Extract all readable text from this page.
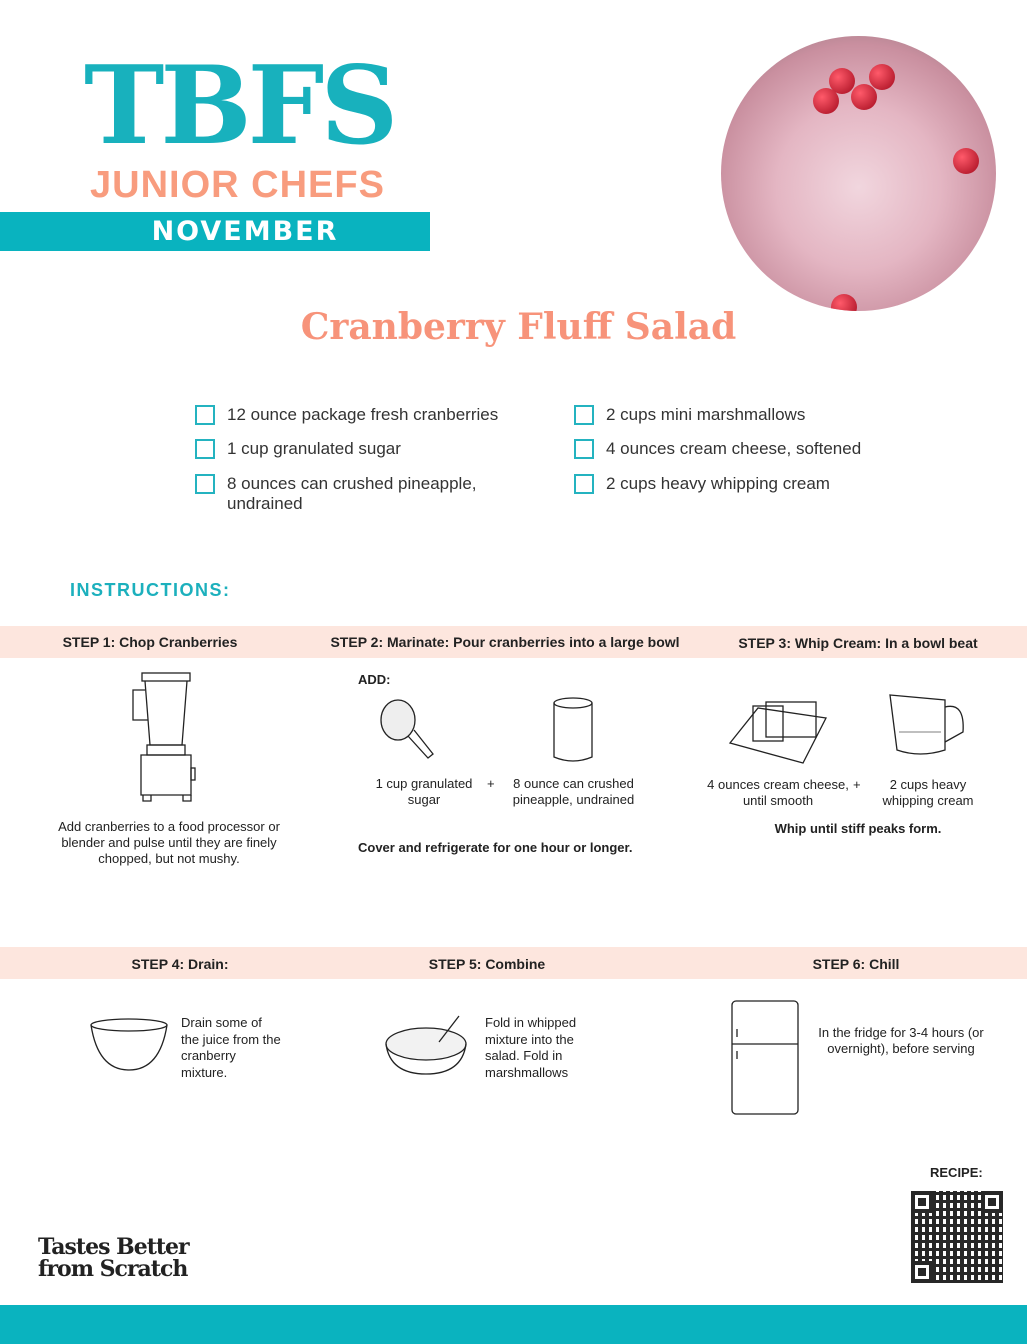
TBFS
JUNIOR CHEFS
NOVEMBER
Cranberry Fluff Salad
12 ounce package fresh cranberries
1 cup granulated sugar
8 ounces can crushed pineapple, undrained
2 cups mini marshmallows
4 ounces cream cheese, softened
2 cups heavy whipping cream
INSTRUCTIONS:
STEP 1: Chop Cranberries	STEP 2: Marinate: Pour cranberries into a large bowl	STEP 3: Whip Cream: In a bowl beat
Add cranberries to a food processor or blender and pulse until they are finely chopped, but not mushy.
ADD:
1 cup granulated sugar
+	8 ounce can crushed pineapple, undrained
Cover and refrigerate for one hour or longer.
4 ounces cream cheese, until smooth
+	2 cups heavy whipping cream
Whip until stiff peaks form.
STEP 4: Drain:	STEP 5: Combine	STEP 6: Chill
Drain some of the juice from the cranberry mixture.
Fold in whipped mixture into the salad. Fold in marshmallows
In the fridge for 3-4 hours (or overnight), before serving
RECIPE:
Tastes Better
from Scratch
